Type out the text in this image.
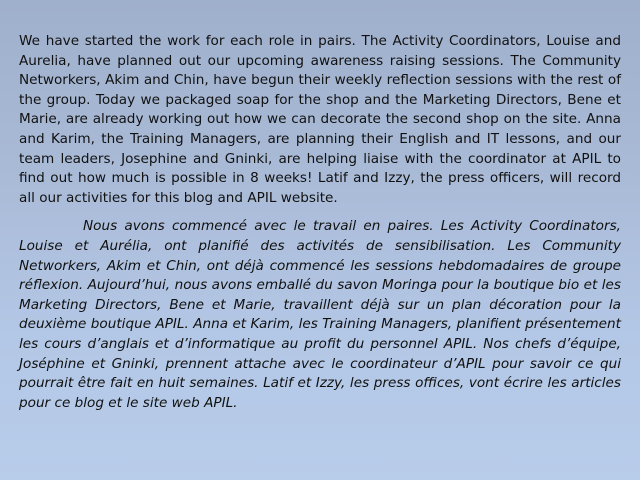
We have started the work for each role in pairs. The Activity Coordinators, Louise and Aurelia, have planned out our upcoming awareness raising sessions. The Community Networkers, Akim and Chin, have begun their weekly reflection sessions with the rest of the group. Today we packaged soap for the shop and the Marketing Directors, Bene et Marie, are already working out how we can decorate the second shop on the site. Anna and Karim, the Training Managers, are planning their English and IT lessons, and our team leaders, Josephine and Gninki, are helping liaise with the coordinator at APIL to find out how much is possible in 8 weeks! Latif and Izzy, the press officers, will record all our activities for this blog and APIL website.

Nous avons commencé avec le travail en paires. Les Activity Coordinators, Louise et Aurélia, ont planifié des activités de sensibilisation. Les Community Networkers, Akim et Chin, ont déjà commencé les sessions hebdomadaires de groupe réflexion. Aujourd’hui, nous avons emballé du savon Moringa pour la boutique bio et les Marketing Directors, Bene et Marie, travaillent déjà sur un plan décoration pour la deuxième boutique APIL. Anna et Karim, les Training Managers, planifient présentement les cours d’anglais et d’informatique au profit du personnel APIL. Nos chefs d’équipe, Joséphine et Gninki, prennent attache avec le coordinateur d’APIL pour savoir ce qui pourrait être fait en huit semaines. Latif et Izzy, les press offices, vont écrire les articles pour ce blog et le site web APIL.
